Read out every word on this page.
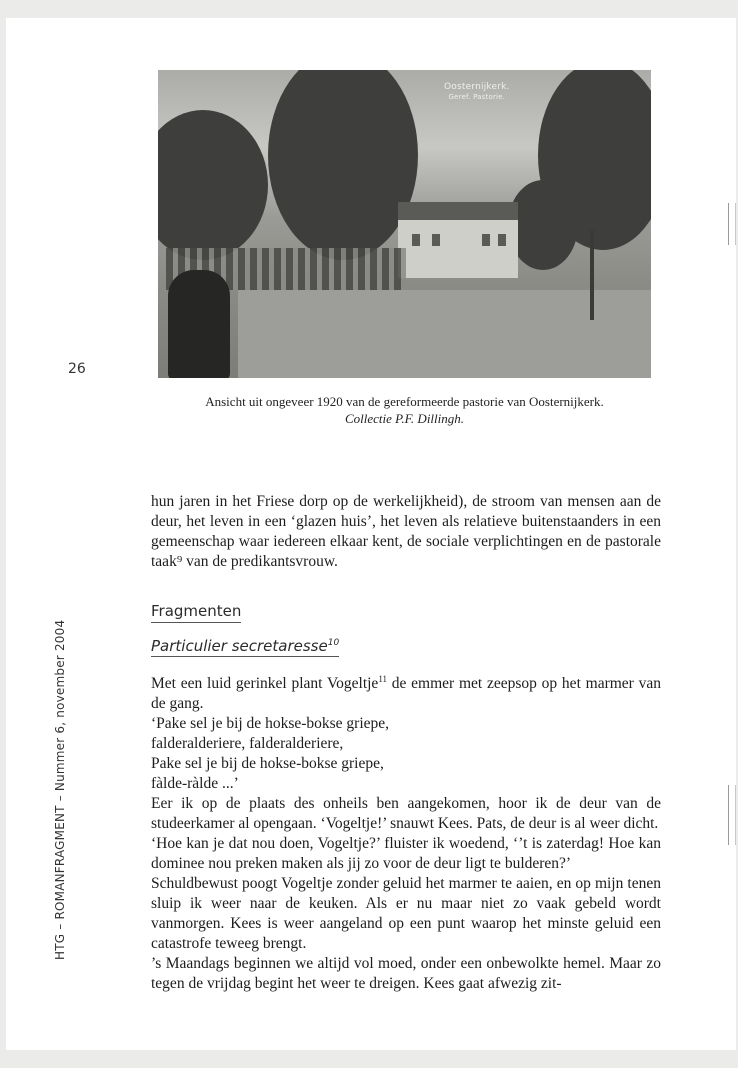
Oosternijkerk.
Geref. Pastorie.
Ansicht uit ongeveer 1920 van de gereformeerde pastorie van Oosternijkerk.
Collectie P.F. Dillingh.
26
HTG – ROMANFRAGMENT – Nummer 6, november 2004
hun jaren in het Friese dorp op de werkelijkheid), de stroom van mensen aan de deur, het leven in een ‘glazen huis’, het leven als relatieve buitenstaanders in een gemeenschap waar iedereen elkaar kent, de sociale verplichtingen en de pastorale taak⁹ van de predikantsvrouw.
Fragmenten
Particulier secretaresse$^{10}$

Met een luid gerinkel plant Vogeltje$^{11}$ de emmer met zeepsop op het marmer van de gang.

‘Pake sel je bij de hokse-bokse griepe,

falderalderiere, falderalderiere,

Pake sel je bij de hokse-bokse griepe,

fàlde-ràlde ...’

Eer ik op de plaats des onheils ben aangekomen, hoor ik de deur van de studeerkamer al opengaan. ‘Vogeltje!’ snauwt Kees. Pats, de deur is al weer dicht.

‘Hoe kan je dat nou doen, Vogeltje?’ fluister ik woedend, ‘’t is zaterdag! Hoe kan dominee nou preken maken als jij zo voor de deur ligt te bulderen?’

Schuldbewust poogt Vogeltje zonder geluid het marmer te aaien, en op mijn tenen sluip ik weer naar de keuken. Als er nu maar niet zo vaak gebeld wordt vanmorgen. Kees is weer aangeland op een punt waarop het minste geluid een catastrofe teweeg brengt.

’s Maandags beginnen we altijd vol moed, onder een onbewolkte hemel. Maar zo tegen de vrijdag begint het weer te dreigen. Kees gaat afwezig zit-
